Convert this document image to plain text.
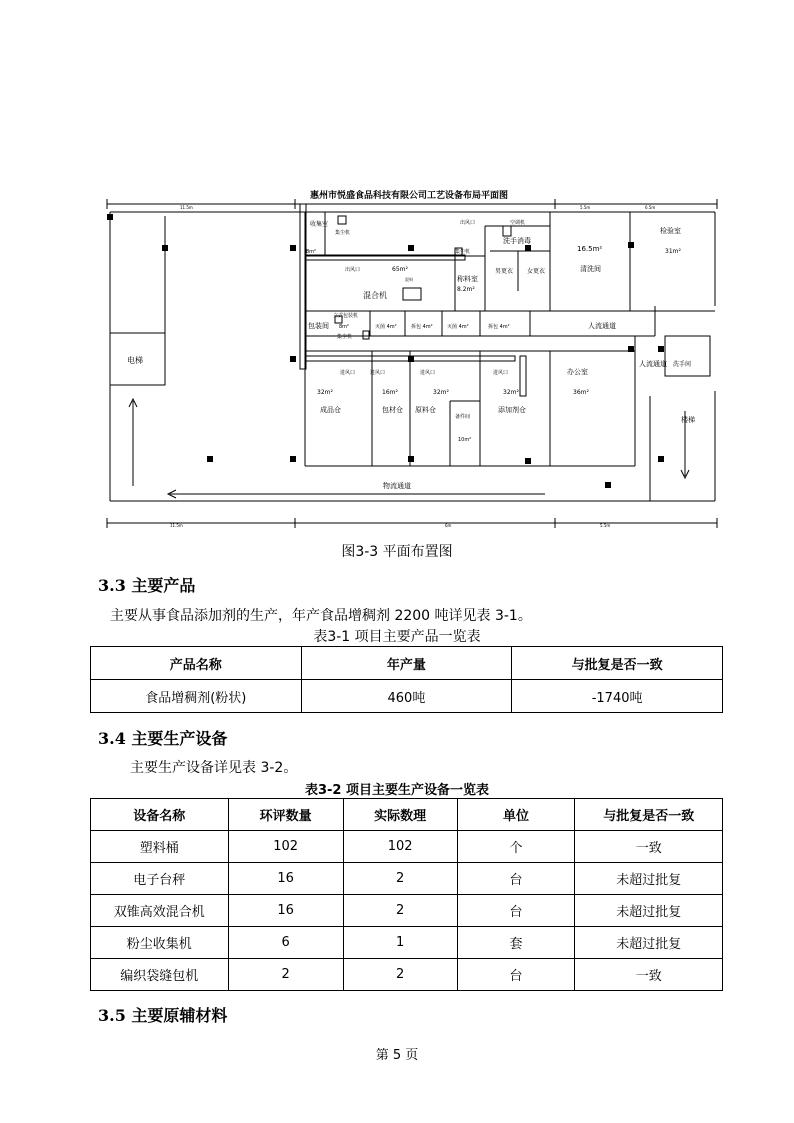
惠州市悦盛食品科技有限公司工艺设备布局平面图
11.5m	5.5m	6.5m
11.5m	6m	5.5m
电梯
收集室
8m²
出风口	空调机
洗手消毒
16.5m²
清洗间
检验室
31m²
集尘机
集尘机
出风口	65m²
混料
混合机
男更衣 女更衣
称料室
8.2m²
立式包装机
包装间 8m²
集尘机
灭菌 4m²	拆包 4m²	灭菌 4m²	拆包 4m²	人流通道
洗手间
进风口	进风口	进风口	进风口
32m²	16m²	32m²	32m²
办公室
36m²
成品仓	包材仓 原料仓
备件间
10m²
添加剂仓
人流通道
楼梯
物流通道
图3-3 平面布置图
3.3 主要产品
主要从事食品添加剂的生产，年产食品增稠剂 2200 吨详见表 3-1。
表3-1 项目主要产品一览表
产品名称	年产量	与批复是否一致
食品增稠剂(粉状)	460吨	-1740吨
3.4 主要生产设备
主要生产设备详见表 3-2。
表3-2 项目主要生产设备一览表
设备名称	环评数量	实际数理	单位	与批复是否一致
塑料桶	102	102	个	一致
电子台秤	16	2	台	未超过批复
双锥高效混合机	16	2	台	未超过批复
粉尘收集机	6	1	套	未超过批复
编织袋缝包机	2	2	台	一致
3.5 主要原辅材料
第 5 页
